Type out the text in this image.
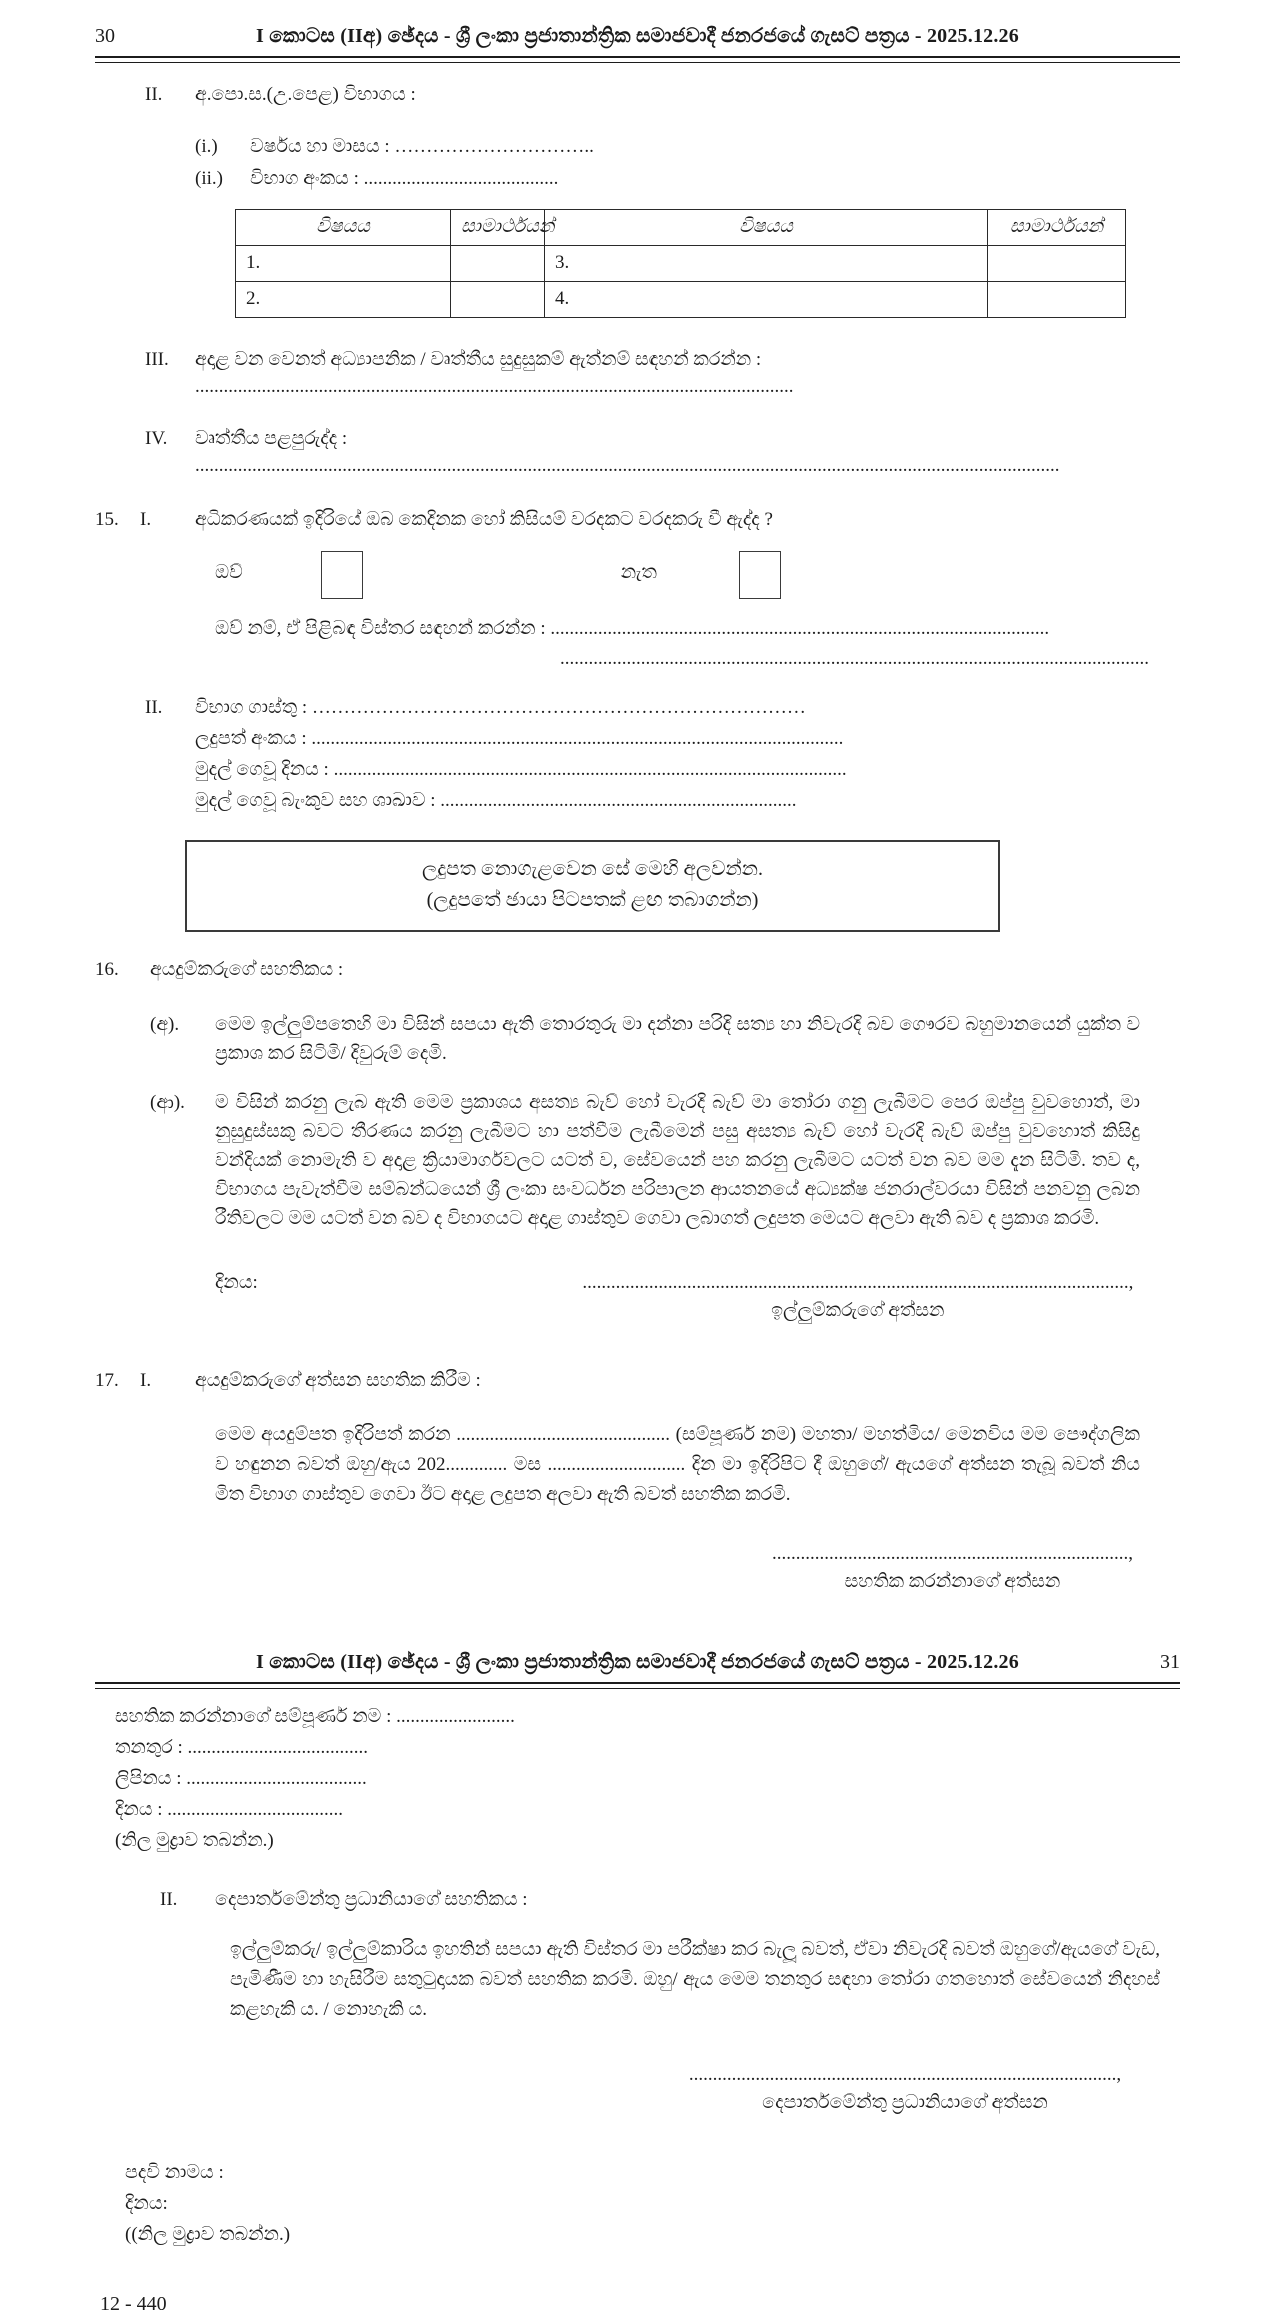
30	I කොටස (IIඅ) ඡේදය - ශ්‍රී ලංකා ප්‍රජාතාන්ත්‍රික සමාජවාදී ජනරජයේ ගැසට් පත්‍රය - 2025.12.26
II.	අ.පො.ස.(උ.පෙළ) විභාගය :
(i.)	වර්ෂය හා මාසය : …………………………..
(ii.)	විභාග අංකය : .........................................
විෂයය	සාමාර්ථයන්	විෂයය	සාමාර්ථයන්
1.		3.	
2.		4.	
III.	අදාළ වන වෙනත් අධ්‍යාපනික / වෘත්තීය සුදුසුකම් ඇත්නම් සඳහන් කරන්න : ..............................................................................................................................
IV.	වෘත්තීය පළපුරුද්ද : ......................................................................................................................................................................................
15.	I.	අධිකරණයක් ඉදිරියේ ඔබ කෙදිනක හෝ කිසියම් වරදකට වරදකරු වී ඇද්ද ?
ඔව්	නැත
ඔව් නම්, ඒ පිළිබඳ විස්තර සඳහන් කරන්න : .........................................................................................................
............................................................................................................................
II.	විභාග ගාස්තු : ……………………………………………………………………
ලදුපත් අංකය : ................................................................................................................
මුදල් ගෙවූ දිනය : ............................................................................................................
මුදල් ගෙවූ බැංකුව සහ ශාඛාව : ...........................................................................
ලදුපත නොගැළවෙන සේ මෙහි අලවන්න.
(ලදුපතේ ඡායා පිටපතක් ළඟ තබාගන්න)
16.	අයදුම්කරුගේ සහතිකය :
(අ).	මෙම ඉල්ලුම්පතෙහි මා විසින් සපයා ඇති තොරතුරු මා දන්නා පරිදි සත්‍ය හා නිවැරදි බව ගෞරව බහුමානයෙන් යුක්ත ව ප්‍රකාශ කර සිටිමි/ දිවුරුම් දෙමි.
(ආ).	ම විසින් කරනු ලැබ ඇති මෙම ප්‍රකාශය අසත්‍ය බැව් හෝ වැරදි බැව් මා තෝරා ගනු ලැබීමට පෙර ඔප්පු වුවහොත්, මා නුසුදුස්සකු බවට තීරණය කරනු ලැබීමට හා පත්වීම ලැබීමෙන් පසු අසත්‍ය බැව් හෝ වැරදි බැව් ඔප්පු වුවහොත් කිසිදු වන්දියක් නොමැති ව අදාළ ක්‍රියාමාර්ගවලට යටත් ව, සේවයෙන් පහ කරනු ලැබීමට යටත් වන බව මම දැන සිටිමි. තව ද, විභාගය පැවැත්වීම සම්බන්ධයෙන් ශ්‍රී ලංකා සංවර්ධන පරිපාලන ආයතනයේ අධ්‍යක්ෂ ජනරාල්වරයා විසින් පනවනු ලබන රීතිවලට මම යටත් වන බව ද විභාගයට අදාළ ගාස්තුව ගෙවා ලබාගත් ලදුපත මෙයට අලවා ඇති බව ද ප්‍රකාශ කරමි.
දිනය:	...................................................................................................................,
ඉල්ලුම්කරුගේ අත්සන
17.	I.	අයදුම්කරුගේ අත්සන සහතික කිරීම :
මෙම අයදුම්පත ඉදිරිපත් කරන ............................................. (සම්පූර්ණ නම) මහතා/ මහත්මිය/ මෙනවිය මම පෞද්ගලිකව හඳුනන බවත් ඔහු/ඇය 202............. මස ............................. දින මා ඉදිරිපිට දී ඔහුගේ/ ඇයගේ අත්සන තැබූ බවත් නියමිත විභාග ගාස්තුව ගෙවා ඊට අදාළ ලදුපත අලවා ඇති බවත් සහතික කරමි.
...........................................................................,
සහතික කරන්නාගේ අත්සන
I කොටස (IIඅ) ඡේදය - ශ්‍රී ලංකා ප්‍රජාතාන්ත්‍රික සමාජවාදී ජනරජයේ ගැසට් පත්‍රය - 2025.12.26	31
සහතික කරන්නාගේ සම්පූර්ණ නම : .........................
තනතුර : ......................................
ලිපිනය : ......................................
දිනය : .....................................
(නිල මුද්‍රාව තබන්න.)
II.	දෙපාර්තමේන්තු ප්‍රධානියාගේ සහතිකය :
ඉල්ලුම්කරු/ ඉල්ලුම්කාරිය ඉහතින් සපයා ඇති විස්තර මා පරීක්ෂා කර බැලූ බවත්, ඒවා නිවැරදි බවත් ඔහුගේ/ඇයගේ වැඩ, පැමිණීම හා හැසිරීම සතුටුදායක බවත් සහතික කරමි. ඔහු/ ඇය මෙම තනතුර සඳහා තෝරා ගතහොත් සේවයෙන් නිදහස් කළහැකි ය. / නොහැකි ය.
..........................................................................................,
දෙපාර්තමේන්තු ප්‍රධානියාගේ අත්සන
පදවි නාමය :
දිනය:
((නිල මුද්‍රාව තබන්න.)
12 - 440
